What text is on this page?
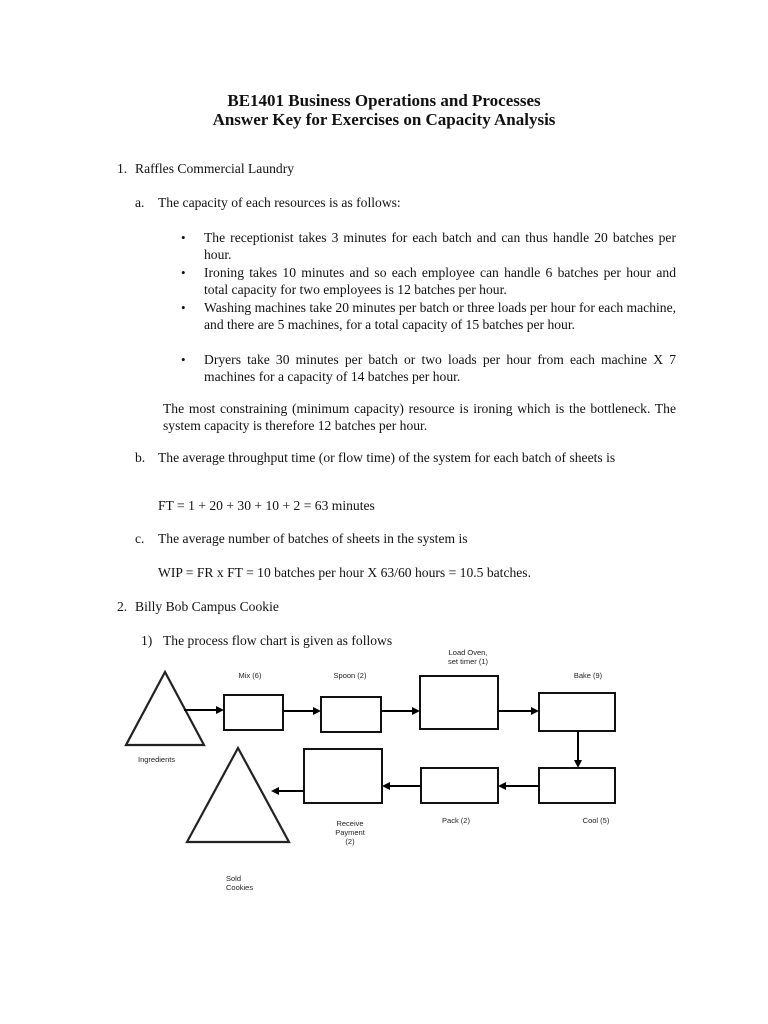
BE1401 Business Operations and Processes
Answer Key for Exercises on Capacity Analysis
1. Raffles Commercial Laundry
a. The capacity of each resources is as follows:
• The receptionist takes 3 minutes for each batch and can thus handle 20 batches per hour.
• Ironing takes 10 minutes and so each employee can handle 6 batches per hour and total capacity for two employees is 12 batches per hour.
• Washing machines take 20 minutes per batch or three loads per hour for each machine, and there are 5 machines, for a total capacity of 15 batches per hour.
• Dryers take 30 minutes per batch or two loads per hour from each machine X 7 machines for a capacity of 14 batches per hour.
The most constraining (minimum capacity) resource is ironing which is the bottleneck. The system capacity is therefore 12 batches per hour.
b. The average throughput time (or flow time) of the system for each batch of sheets is
FT = 1 + 20 + 30 + 10 + 2 = 63 minutes
c. The average number of batches of sheets in the system is
WIP = FR x FT = 10 batches per hour X 63/60 hours = 10.5 batches.
2. Billy Bob Campus Cookie
1) The process flow chart is given as follows
Ingredients
Mix (6)	Spoon (2)
Load Oven,
set timer (1)
Bake (9)
Cool (5)
Pack (2)
Receive
Payment
(2)
Sold
Cookies
